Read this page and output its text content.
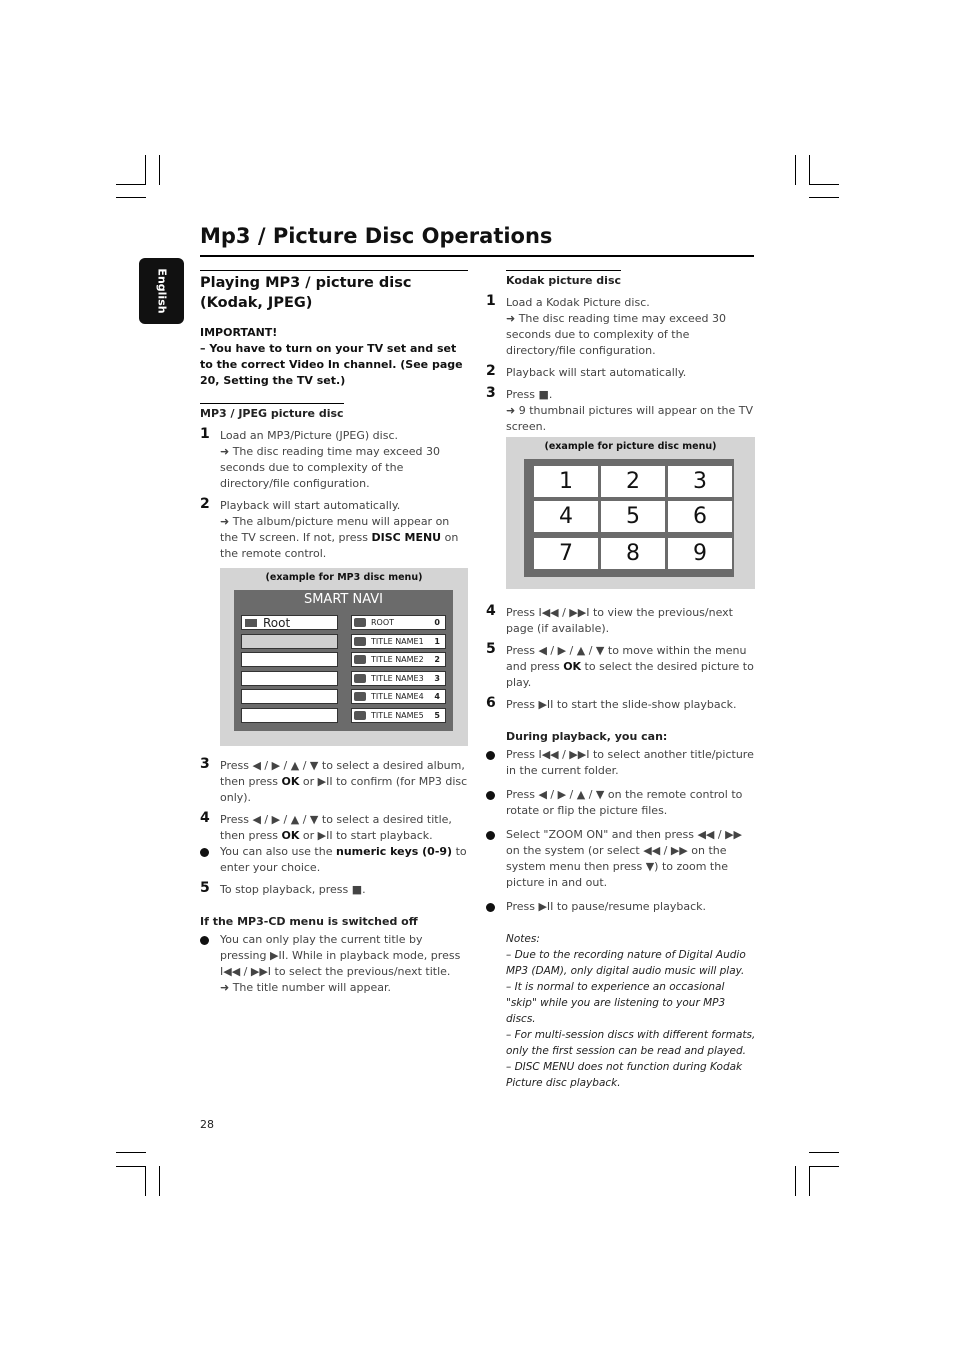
Mp3 / Picture Disc Operations
English Playing MP3 / picture disc
(Kodak, JPEG)
IMPORTANT!
– You have to turn on your TV set and set to the correct Video In channel. (See page 20, Setting the TV set.)
MP3 / JPEG picture disc
1 Load an MP3/Picture (JPEG) disc.
➜ The disc reading time may exceed 30 seconds due to complexity of the directory/file configuration.
2 Playback will start automatically.
➜ The album/picture menu will appear on the TV screen. If not, press DISC MENU on the remote control.
(example for MP3 disc menu)
SMART NAVI
Root	ROOT	0
TITLE NAME1 1
TITLE NAME2 2
TITLE NAME3 3
TITLE NAME4 4
TITLE NAME5 5
3 Press ◀ / ▶ / ▲ / ▼ to select a desired album, then press OK or ▶II to confirm (for MP3 disc only).
4 Press ◀ / ▶ / ▲ / ▼ to select a desired title, then press OK or ▶II to start playback.
You can also use the numeric keys (0-9) to enter your choice.
5 To stop playback, press ■.
If the MP3-CD menu is switched off
You can only play the current title by pressing ▶II. While in playback mode, press I◀◀ / ▶▶I to select the previous/next title.
➜ The title number will appear.
Kodak picture disc
1 Load a Kodak Picture disc.
➜ The disc reading time may exceed 30 seconds due to complexity of the directory/file configuration.
2 Playback will start automatically.
3 Press ■.
➜ 9 thumbnail pictures will appear on the TV screen.
(example for picture disc menu)
1	2	3
4	5	6
7	8	9
4 Press I◀◀ / ▶▶I to view the previous/next page (if available).
5 Press ◀ / ▶ / ▲ / ▼ to move within the menu and press OK to select the desired picture to play.
6 Press ▶II to start the slide-show playback.
During playback, you can:
Press I◀◀ / ▶▶I to select another title/picture in the current folder.
Press ◀ / ▶ / ▲ / ▼ on the remote control to rotate or flip the picture files.
Select "ZOOM ON" and then press ◀◀ / ▶▶ on the system (or select ◀◀ / ▶▶ on the system menu then press ▼) to zoom the picture in and out.
Press ▶II to pause/resume playback.
Notes:
– Due to the recording nature of Digital Audio MP3 (DAM), only digital audio music will play.
– It is normal to experience an occasional "skip" while you are listening to your MP3 discs.
– For multi-session discs with different formats, only the first session can be read and played.
– DISC MENU does not function during Kodak Picture disc playback.
28
